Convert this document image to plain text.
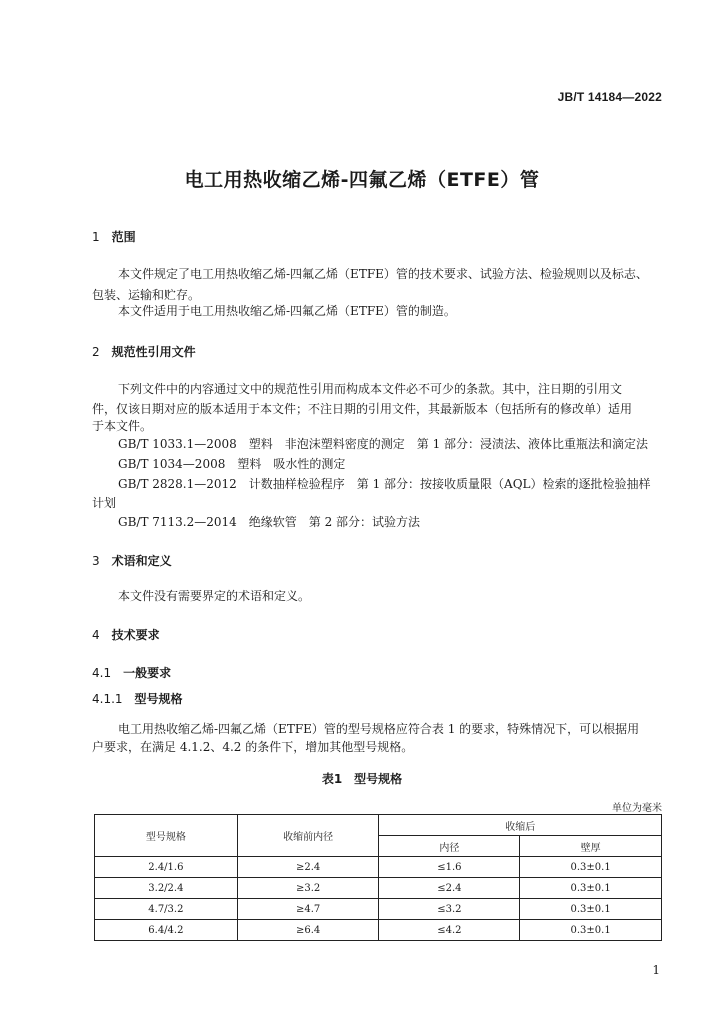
JB/T 14184—2022
电工用热收缩乙烯-四氟乙烯（ETFE）管
1 范围
本文件规定了电工用热收缩乙烯-四氟乙烯（ETFE）管的技术要求、试验方法、检验规则以及标志、
包装、运输和贮存。
本文件适用于电工用热收缩乙烯-四氟乙烯（ETFE）管的制造。
2 规范性引用文件
下列文件中的内容通过文中的规范性引用而构成本文件必不可少的条款。其中，注日期的引用文
件，仅该日期对应的版本适用于本文件；不注日期的引用文件，其最新版本（包括所有的修改单）适用
于本文件。
GB/T 1033.1—2008　塑料　非泡沫塑料密度的测定　第 1 部分：浸渍法、液体比重瓶法和滴定法
GB/T 1034—2008　塑料　吸水性的测定
GB/T 2828.1—2012　计数抽样检验程序　第 1 部分：按接收质量限（AQL）检索的逐批检验抽样
计划
GB/T 7113.2—2014　绝缘软管　第 2 部分：试验方法
3 术语和定义
本文件没有需要界定的术语和定义。
4 技术要求
4.1 一般要求
4.1.1 型号规格
电工用热收缩乙烯-四氟乙烯（ETFE）管的型号规格应符合表 1 的要求，特殊情况下，可以根据用
户要求，在满足 4.1.2、4.2 的条件下，增加其他型号规格。
表1　型号规格
单位为毫米
型号规格	收缩前内径	收缩后	
		内径	壁厚
2.4/1.6	≥2.4	≤1.6	0.3±0.1
3.2/2.4	≥3.2	≤2.4	0.3±0.1
4.7/3.2	≥4.7	≤3.2	0.3±0.1
6.4/4.2	≥6.4	≤4.2	0.3±0.1
1
